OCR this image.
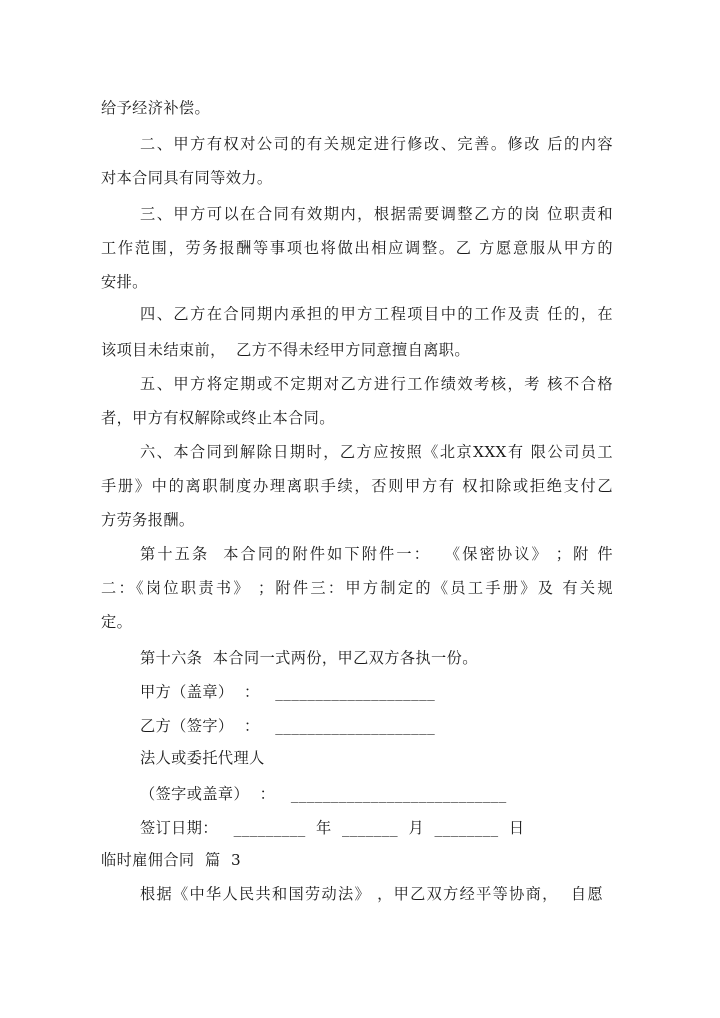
给予经济补偿。
二、甲方有权对公司的有关规定进行修改、完善。修改 后的内容
对本合同具有同等效力。
三、甲方可以在合同有效期内，根据需要调整乙方的岗 位职责和
工作范围，劳务报酬等事项也将做出相应调整。乙 方愿意服从甲方的
安排。
四、乙方在合同期内承担的甲方工程项目中的工作及责 任的，在
该项目未结束前，  乙方不得未经甲方同意擅自离职。
五、甲方将定期或不定期对乙方进行工作绩效考核，考 核不合格
者，甲方有权解除或终止本合同。
六、本合同到解除日期时，乙方应按照《北京XXX有 限公司员工
手册》中的离职制度办理离职手续，否则甲方有 权扣除或拒绝支付乙
方劳务报酬。
第十五条  本合同的附件如下附件一：  《保密协议》 ；附 件
二：《岗位职责书》 ；附件三：甲方制定的《员工手册》及 有关规
定。
第十六条  本合同一式两份，甲乙双方各执一份。
甲方（盖章）  ：   ____________________
乙方（签字）  ：   ____________________
法人或委托代理人
（签字或盖章）  ：   ___________________________
签订日期：   _________  年  _______  月  ________  日
临时雇佣合同  篇  3
根据《中华人民共和国劳动法》 ，甲乙双方经平等协商，  自愿
